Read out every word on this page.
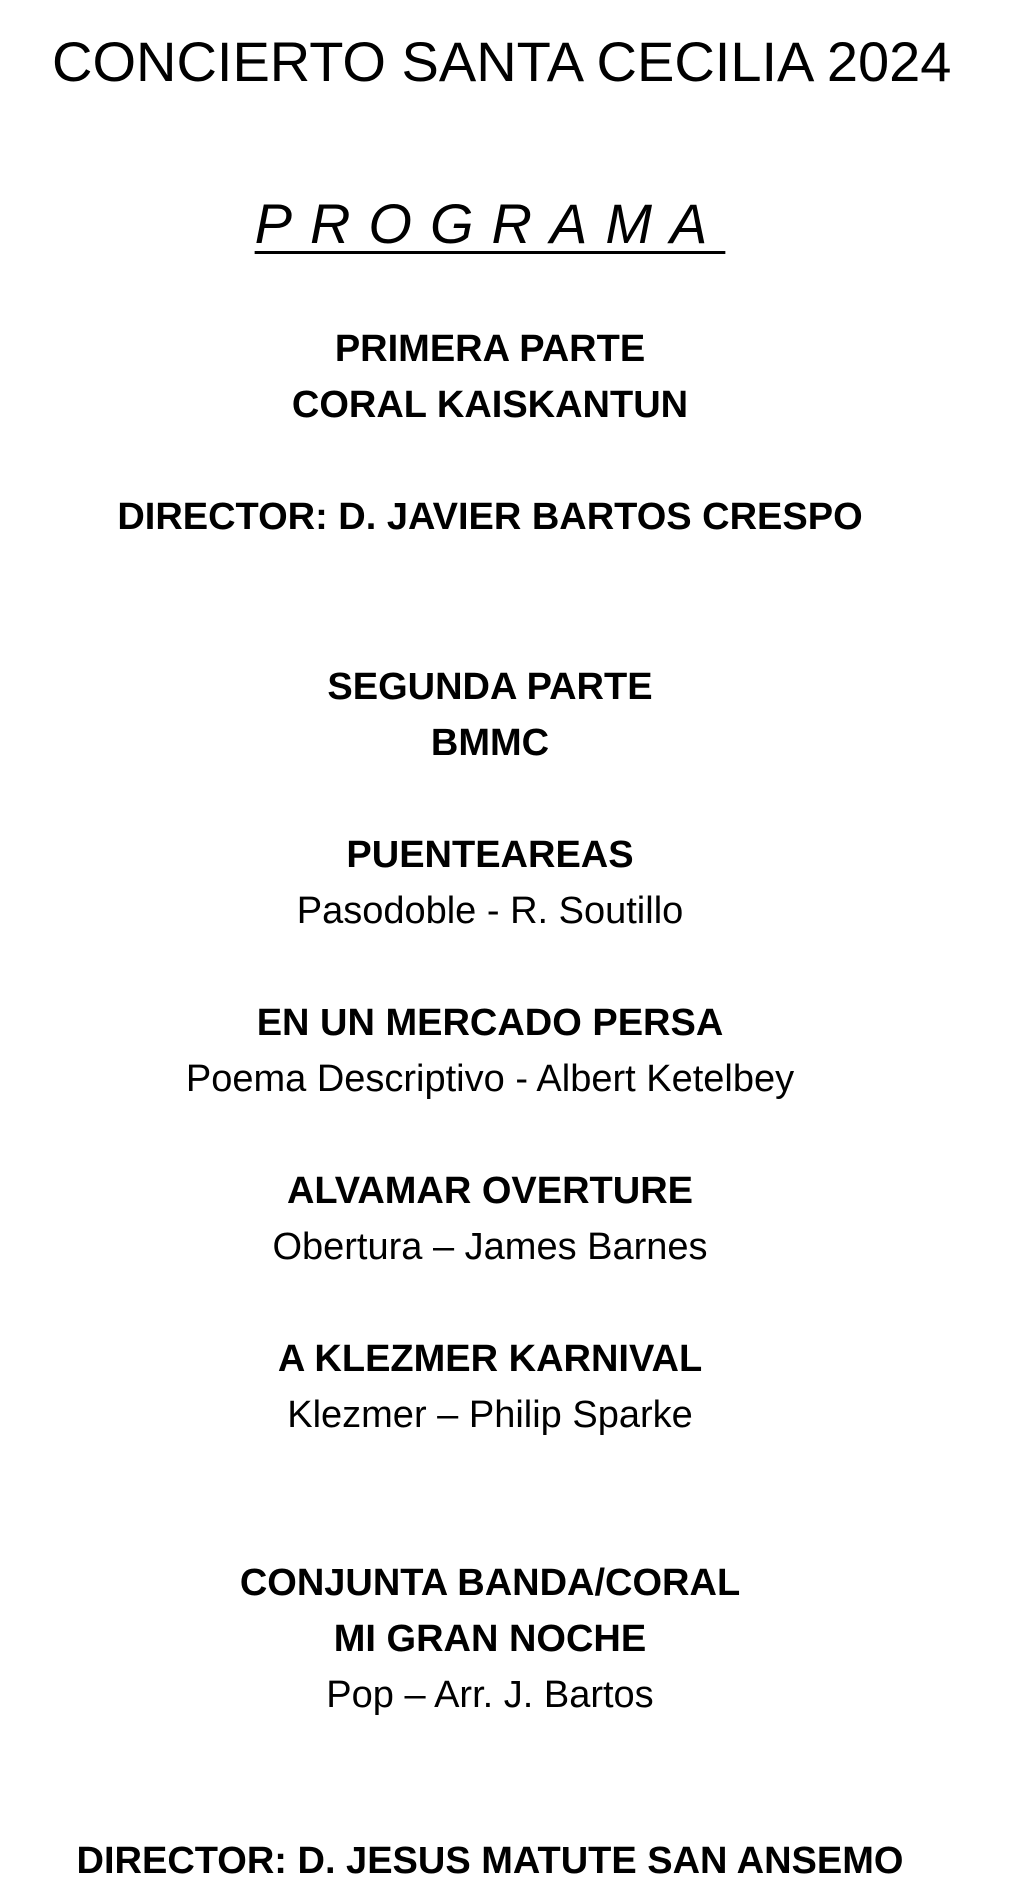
CONCIERTO SANTA CECILIA 2024
PROGRAMA
PRIMERA PARTE
CORAL KAISKANTUN
DIRECTOR: D. JAVIER BARTOS CRESPO
SEGUNDA PARTE
BMMC
PUENTEAREAS
Pasodoble - R. Soutillo
EN UN MERCADO PERSA
Poema Descriptivo - Albert Ketelbey
ALVAMAR OVERTURE
Obertura – James Barnes
A KLEZMER KARNIVAL
Klezmer – Philip Sparke
CONJUNTA BANDA/CORAL
MI GRAN NOCHE
Pop – Arr. J. Bartos
DIRECTOR: D. JESUS MATUTE SAN ANSEMO
